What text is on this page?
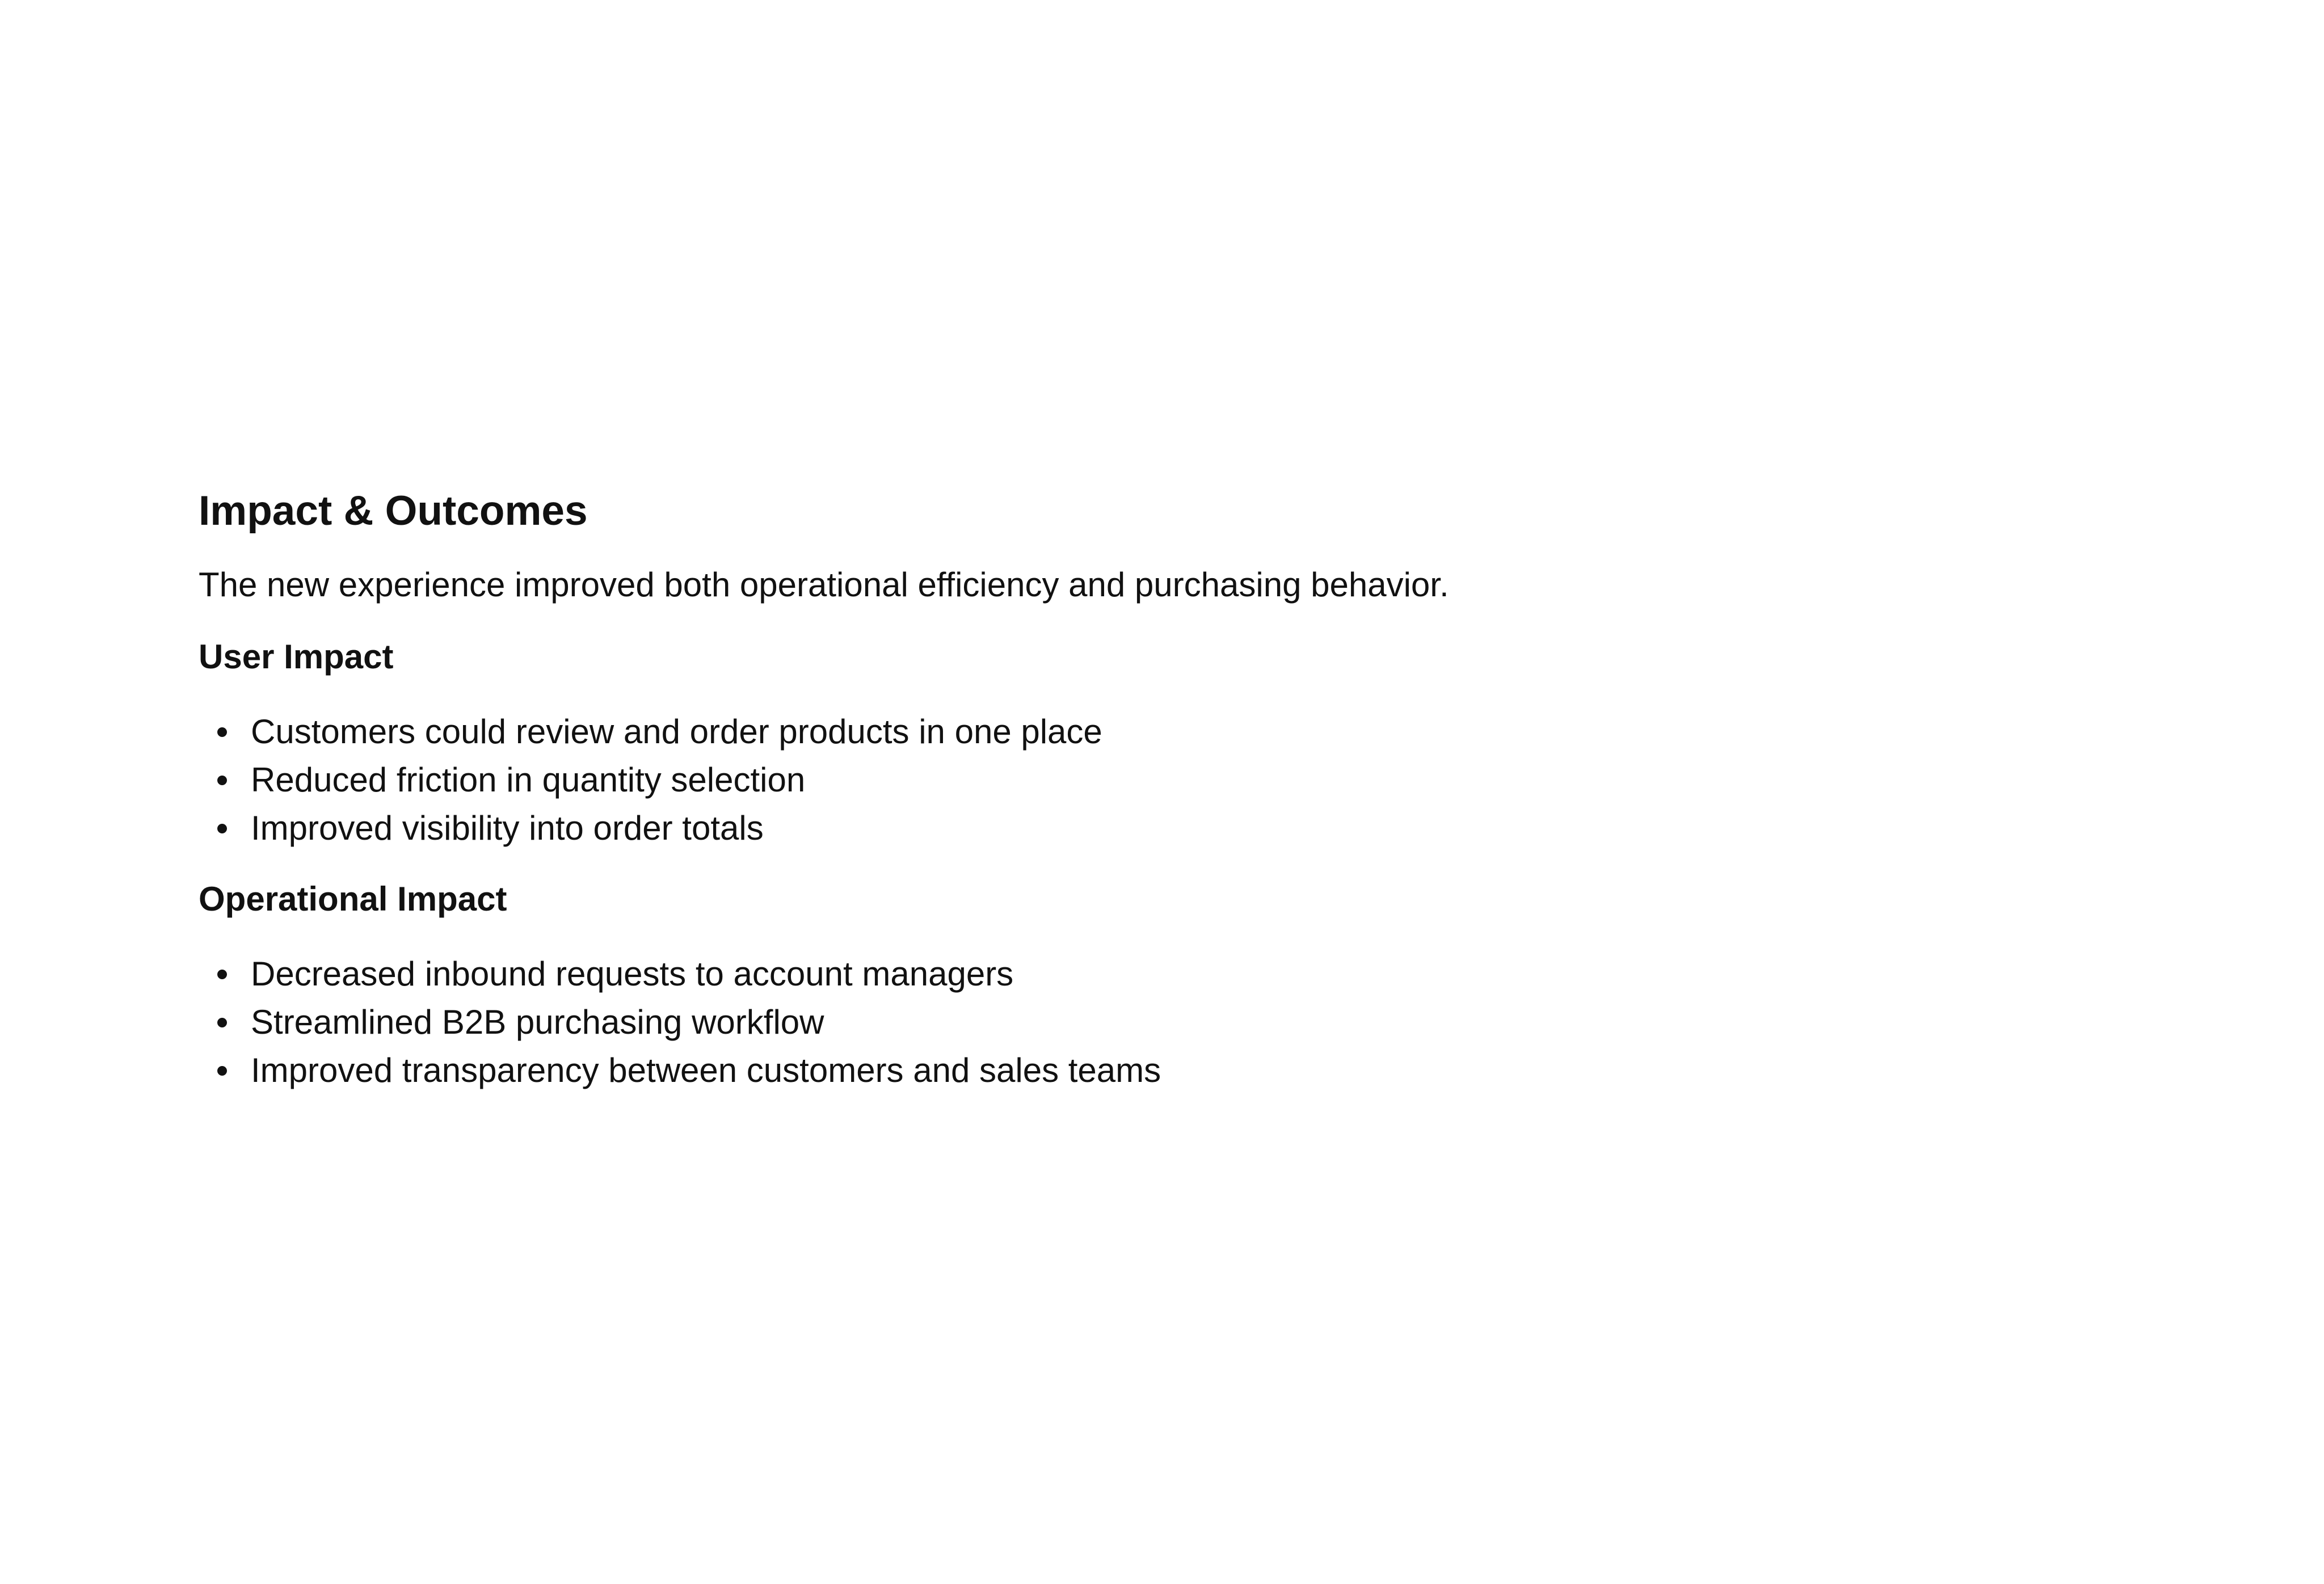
Impact & Outcomes

The new experience improved both operational efficiency and purchasing behavior.

User Impact
Customers could review and order products in one place
Reduced friction in quantity selection
Improved visibility into order totals
Operational Impact
Decreased inbound requests to account managers
Streamlined B2B purchasing workflow
Improved transparency between customers and sales teams
